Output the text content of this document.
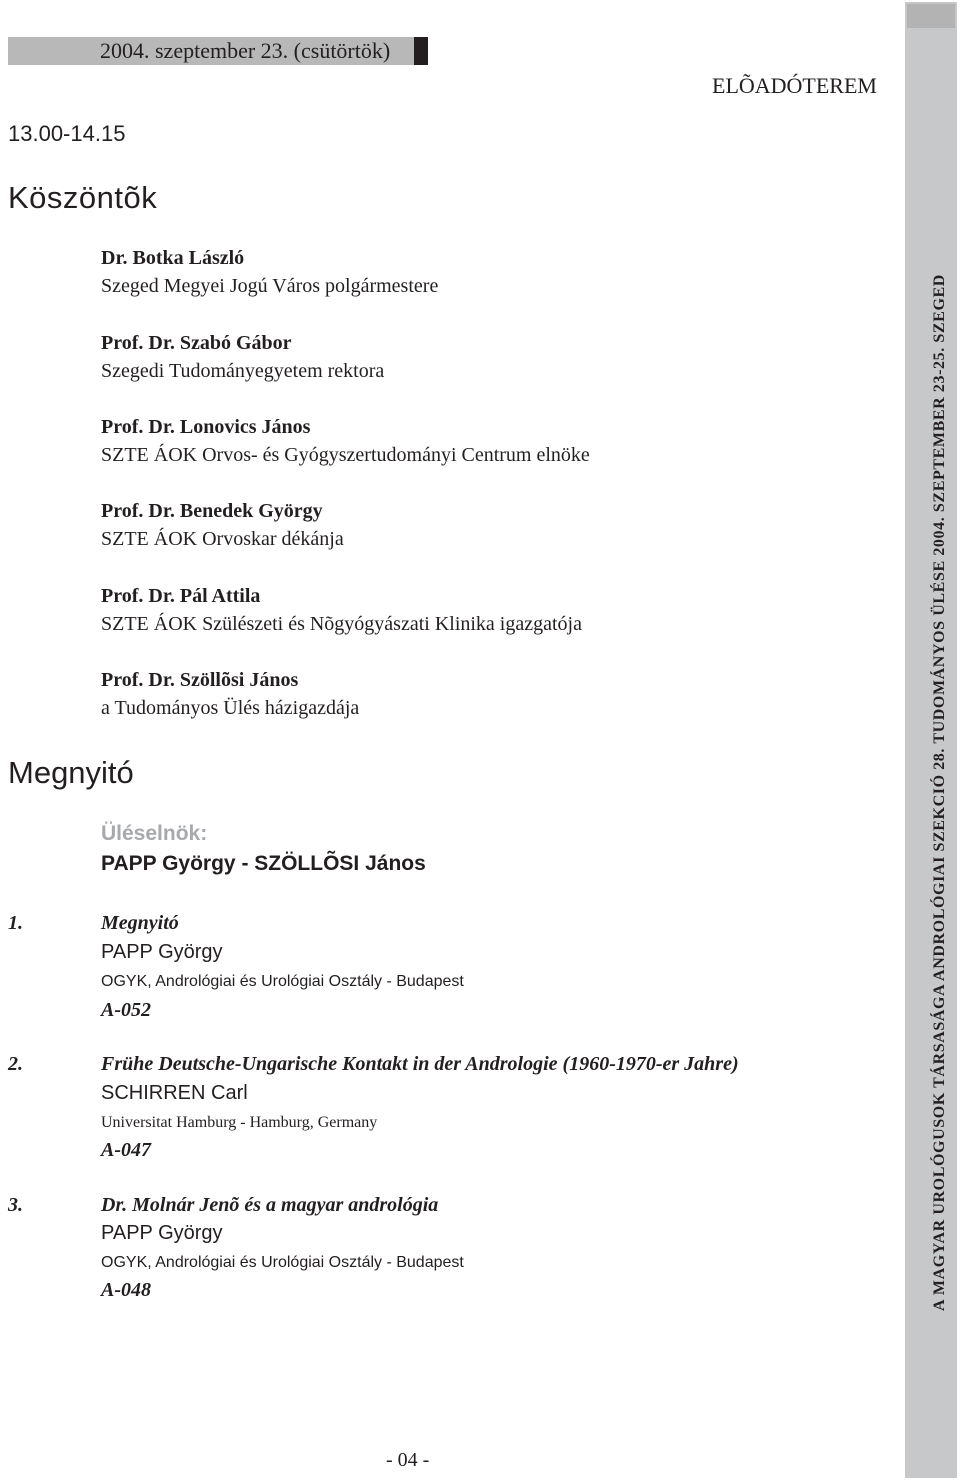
2004. szeptember 23. (csütörtök)
ELÕADÓTEREM
13.00-14.15
Köszöntõk
Dr. Botka László
Szeged Megyei Jogú Város polgármestere
Prof. Dr. Szabó Gábor
Szegedi Tudományegyetem rektora
Prof. Dr. Lonovics János
SZTE ÁOK Orvos- és Gyógyszertudományi Centrum elnöke
Prof. Dr. Benedek György
SZTE ÁOK Orvoskar dékánja
Prof. Dr. Pál Attila
SZTE ÁOK Szülészeti és Nõgyógyászati Klinika igazgatója
Prof. Dr. Szöllõsi János
a Tudományos Ülés házigazdája
Megnyitó
Üléselnök:
PAPP György - SZÖLLÕSI János
1.	Megnyitó
PAPP György
OGYK, Andrológiai és Urológiai Osztály - Budapest
A-052
2.	Frühe Deutsche-Ungarische Kontakt in der Andrologie (1960-1970-er Jahre)
SCHIRREN Carl
Universitat Hamburg - Hamburg, Germany
A-047
3.	Dr. Molnár Jenõ és a magyar andrológia
PAPP György
OGYK, Andrológiai és Urológiai Osztály - Budapest
A-048
- 04 -
A MAGYAR UROLÓGUSOK TÁRSASÁGA ANDROLÓGIAI SZEKCIÓ 28. TUDOMÁNYOS ÜLÉSE 2004. SZEPTEMBER 23-25. SZEGED
